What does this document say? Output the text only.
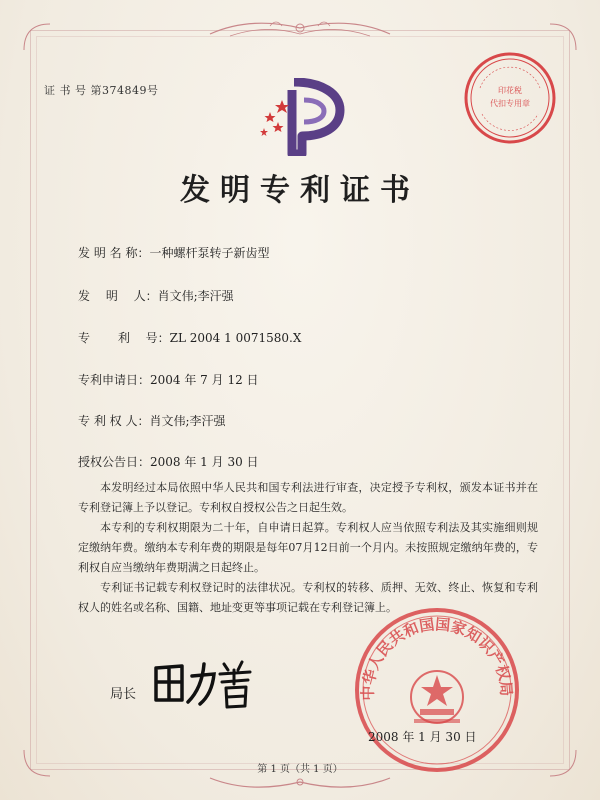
证 书 号 第374849号	印花税
代扣专用章
发明专利证书
发 明 名 称：一种螺杆泵转子新齿型
发　 明　 人：肖文伟;李汗强
专　　 利　 号：ZL 2004 1 0071580.X
专利申请日：2004 年 7 月 12 日
专 利 权 人：肖文伟;李汗强
授权公告日：2008 年 1 月 30 日

本发明经过本局依照中华人民共和国专利法进行审查，决定授予专利权，颁发本证书并在专利登记簿上予以登记。专利权自授权公告之日起生效。

本专利的专利权期限为二十年，自申请日起算。专利权人应当依照专利法及其实施细则规定缴纳年费。缴纳本专利年费的期限是每年07月12日前一个月内。未按照规定缴纳年费的，专利权自应当缴纳年费期满之日起终止。

专利证书记载专利权登记时的法律状况。专利权的转移、质押、无效、终止、恢复和专利权人的姓名或名称、国籍、地址变更等事项记载在专利登记簿上。

中华人民共和国国家知识产权局
局长
2008 年 1 月 30 日
第 1 页（共 1 页）
